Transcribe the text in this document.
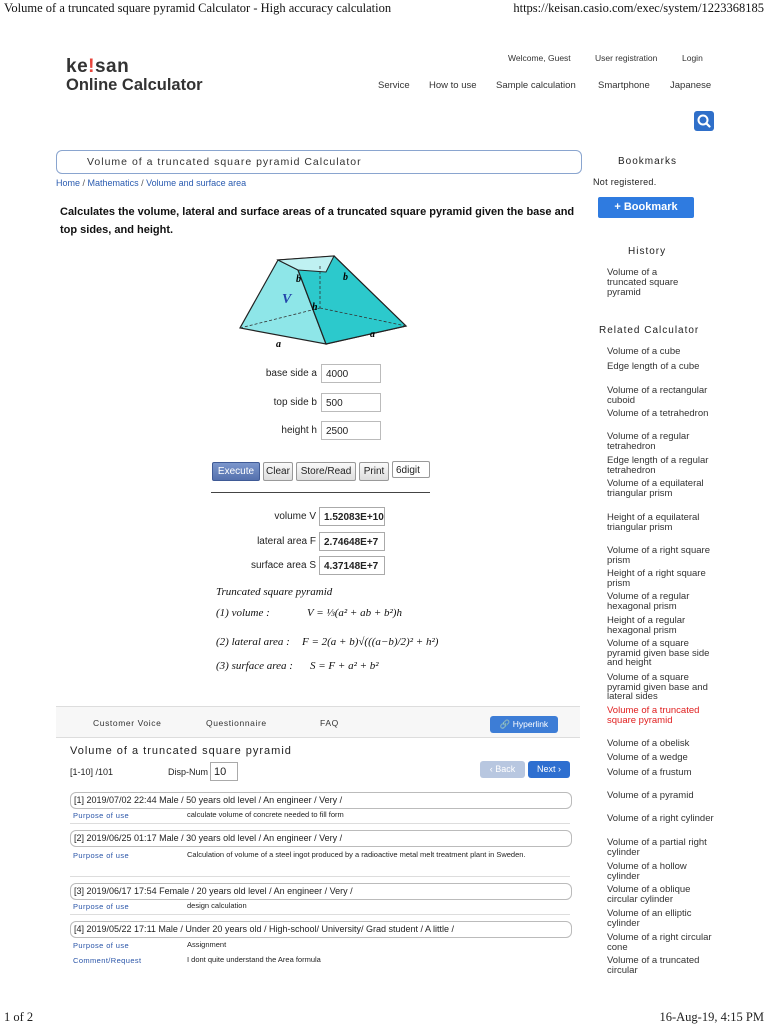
Volume of a truncated square pyramid Calculator - High accuracy calculation	https://keisan.casio.com/exec/system/1223368185
ke!san
Online Calculator
Welcome, Guest	User registration	Login
Service How to use Sample calculation Smartphone Japanese
Volume of a truncated square pyramid Calculator
Home / Mathematics / Volume and surface area
Calculates the volume, lateral and surface areas of a truncated square pyramid given the base and top sides, and height.
b	b
V
h
a
a
base side a 4000
top side b 500
height h 2500
Execute	Clear	Store/Read	Print	6digit
volume V 1.52083E+10
lateral area F 2.74648E+7
surface area S 4.37148E+7
Truncated square pyramid
(1) volume :	V = ⅓(a² + ab + b²)h
(2) lateral area : F = 2(a + b)√(((a−b)/2)² + h²)
(3) surface area : S = F + a² + b²
Customer Voice	Questionnaire	FAQ	🔗 Hyperlink
Volume of a truncated square pyramid
[1-10] /101	Disp-Num 10	‹ Back	Next ›
[1] 2019/07/02 22:44 Male / 50 years old level / An engineer / Very /
Purpose of use	calculate volume of concrete needed to fill form
[2] 2019/06/25 01:17 Male / 30 years old level / An engineer / Very /
Purpose of use	Calculation of volume of a steel ingot produced by a radioactive metal melt treatment plant in Sweden.
[3] 2019/06/17 17:54 Female / 20 years old level / An engineer / Very /
Purpose of use	design calculation
[4] 2019/05/22 17:11 Male / Under 20 years old / High-school/ University/ Grad student / A little /
Purpose of use	Assignment
Comment/Request	I dont quite understand the Area formula
Bookmarks
Not registered.
+ Bookmark
History
Volume of a truncated square pyramid
Related Calculator
Volume of a cube
Edge length of a cube
Volume of a rectangular cuboid
Volume of a tetrahedron
Volume of a regular tetrahedron
Edge length of a regular tetrahedron
Volume of a equilateral triangular prism
Height of a equilateral triangular prism
Volume of a right square prism
Height of a right square prism
Volume of a regular hexagonal prism
Height of a regular hexagonal prism
Volume of a square pyramid given base side and height
Volume of a square pyramid given base and lateral sides
Volume of a truncated square pyramid
Volume of a obelisk
Volume of a wedge
Volume of a frustum
Volume of a pyramid
Volume of a right cylinder
Volume of a partial right cylinder
Volume of a hollow cylinder
Volume of a oblique circular cylinder
Volume of an elliptic cylinder
Volume of a right circular cone
Volume of a truncated circular
1 of 2	16-Aug-19, 4:15 PM
